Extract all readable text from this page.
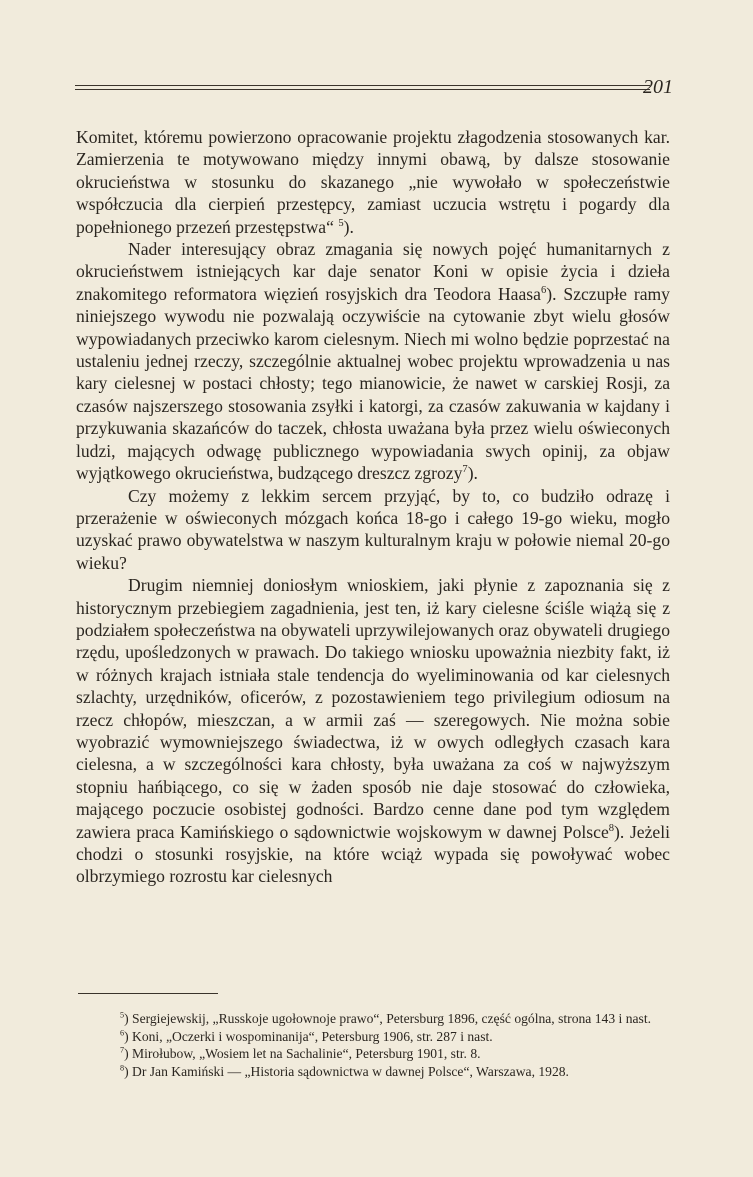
201

Komitet, któremu powierzono opracowanie projektu złagodzenia stosowanych kar. Zamierzenia te motywowano między innymi obawą, by dalsze stosowanie okrucieństwa w stosunku do skazanego „nie wywołało w społeczeństwie współczucia dla cierpień przestępcy, zamiast uczucia wstrętu i pogardy dla popełnionego przezeń przestępstwa“ $^5$).

Nader interesujący obraz zmagania się nowych pojęć humanitarnych z okrucieństwem istniejących kar daje senator Koni w opisie życia i dzieła znakomitego reformatora więzień rosyjskich dra Teodora Haasa$^6$). Szczupłe ramy niniejszego wywodu nie pozwalają oczywiście na cytowanie zbyt wielu głosów wypowiadanych przeciwko karom cielesnym. Niech mi wolno będzie poprzestać na ustaleniu jednej rzeczy, szczególnie aktualnej wobec projektu wprowadzenia u nas kary cielesnej w postaci chłosty; tego mianowicie, że nawet w carskiej Rosji, za czasów najszerszego stosowania zsyłki i katorgi, za czasów zakuwania w kajdany i przykuwania skazańców do taczek, chłosta uważana była przez wielu oświeconych ludzi, mających odwagę publicznego wypowiadania swych opinij, za objaw wyjątkowego okrucieństwa, budzącego dreszcz zgrozy$^7$).

Czy możemy z lekkim sercem przyjąć, by to, co budziło odrazę i przerażenie w oświeconych mózgach końca 18-go i całego 19-go wieku, mogło uzyskać prawo obywatelstwa w naszym kulturalnym kraju w połowie niemal 20-go wieku?

Drugim niemniej doniosłym wnioskiem, jaki płynie z zapoznania się z historycznym przebiegiem zagadnienia, jest ten, iż kary cielesne ściśle wiążą się z podziałem społeczeństwa na obywateli uprzywilejowanych oraz obywateli drugiego rzędu, upośledzonych w prawach. Do takiego wniosku upoważnia niezbity fakt, iż w różnych krajach istniała stale tendencja do wyeliminowania od kar cielesnych szlachty, urzędników, oficerów, z pozostawieniem tego privilegium odiosum na rzecz chłopów, mieszczan, a w armii zaś — szeregowych. Nie można sobie wyobrazić wymowniejszego świadectwa, iż w owych odległych czasach kara cielesna, a w szczególności kara chłosty, była uważana za coś w najwyższym stopniu hańbiącego, co się w żaden sposób nie daje stosować do człowieka, mającego poczucie osobistej godności. Bardzo cenne dane pod tym względem zawiera praca Kamińskiego o sądownictwie wojskowym w dawnej Polsce$^8$). Jeżeli chodzi o stosunki rosyjskie, na które wciąż wypada się powoływać wobec olbrzymiego rozrostu kar cielesnych

$^5$) Sergiejewskij, „Russkoje ugołownoje prawo“, Petersburg 1896, część ogólna, strona 143 i nast.

$^6$) Koni, „Oczerki i wospominanija“, Petersburg 1906, str. 287 i nast.

$^7$) Mirołubow, „Wosiem let na Sachalinie“, Petersburg 1901, str. 8.

$^8$) Dr Jan Kamiński — „Historia sądownictwa w dawnej Polsce“, Warszawa, 1928.
